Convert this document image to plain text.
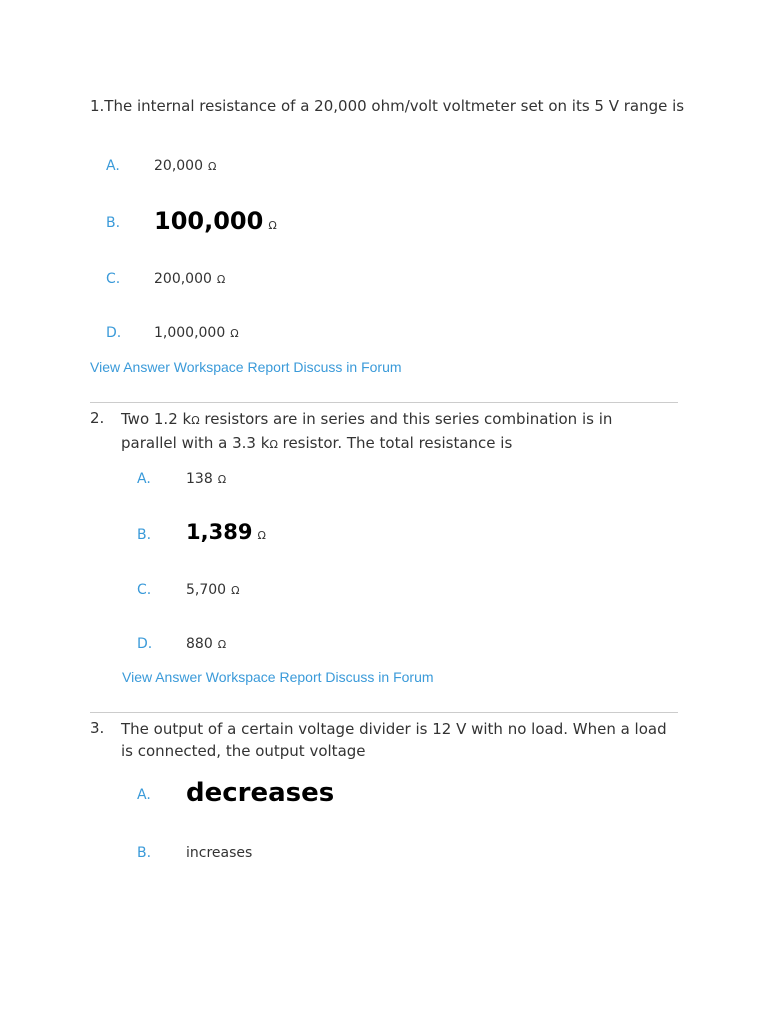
1.The internal resistance of a 20,000 ohm/volt voltmeter set on its 5 V range is
A. 20,000 Ω
B. 100,000 Ω
C. 200,000 Ω
D. 1,000,000 Ω
View Answer Workspace Report Discuss in Forum
2. Two 1.2 kΩ resistors are in series and this series combination is in
parallel with a 3.3 kΩ resistor. The total resistance is
A.	138 Ω
B. 1,389 Ω
C. 5,700 Ω
D. 880 Ω
View Answer Workspace Report Discuss in Forum
3. The output of a certain voltage divider is 12 V with no load. When a load
is connected, the output voltage
A. decreases
B. increases
